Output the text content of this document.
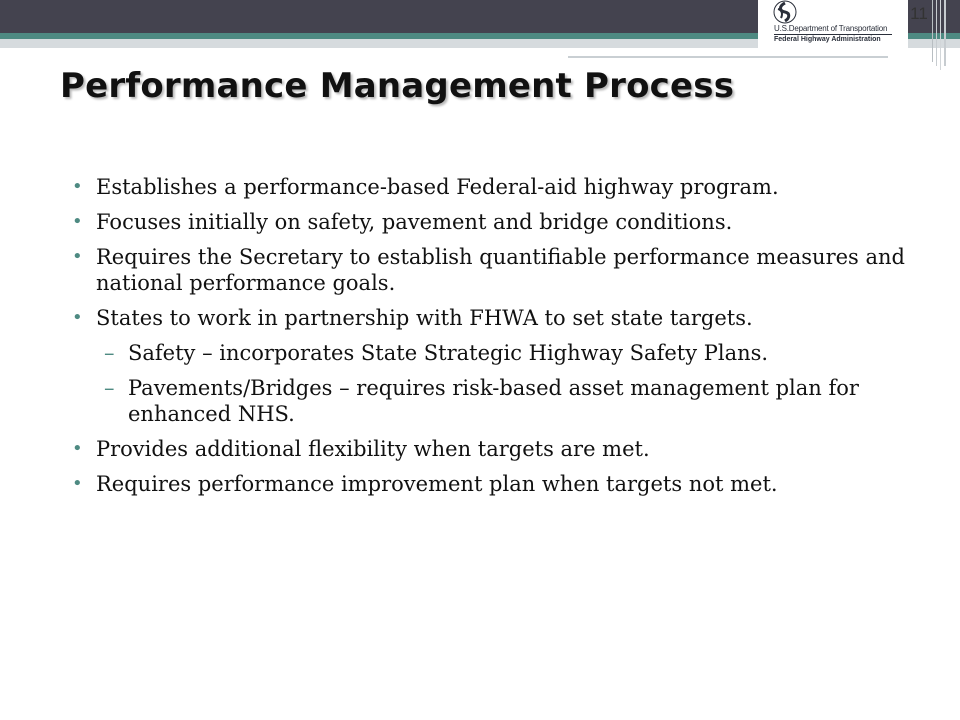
U.S.Department of Transportation
Federal Highway Administration
11
Performance Management Process
• Establishes a performance-based Federal-aid highway program.
• Focuses initially on safety, pavement and bridge conditions.
• Requires the Secretary to establish quantifiable performance measures and national performance goals.
• States to work in partnership with FHWA to set state targets.
– Safety – incorporates State Strategic Highway Safety Plans.
– Pavements/Bridges – requires risk-based asset management plan for enhanced NHS.
• Provides additional flexibility when targets are met.
• Requires performance improvement plan when targets not met.
